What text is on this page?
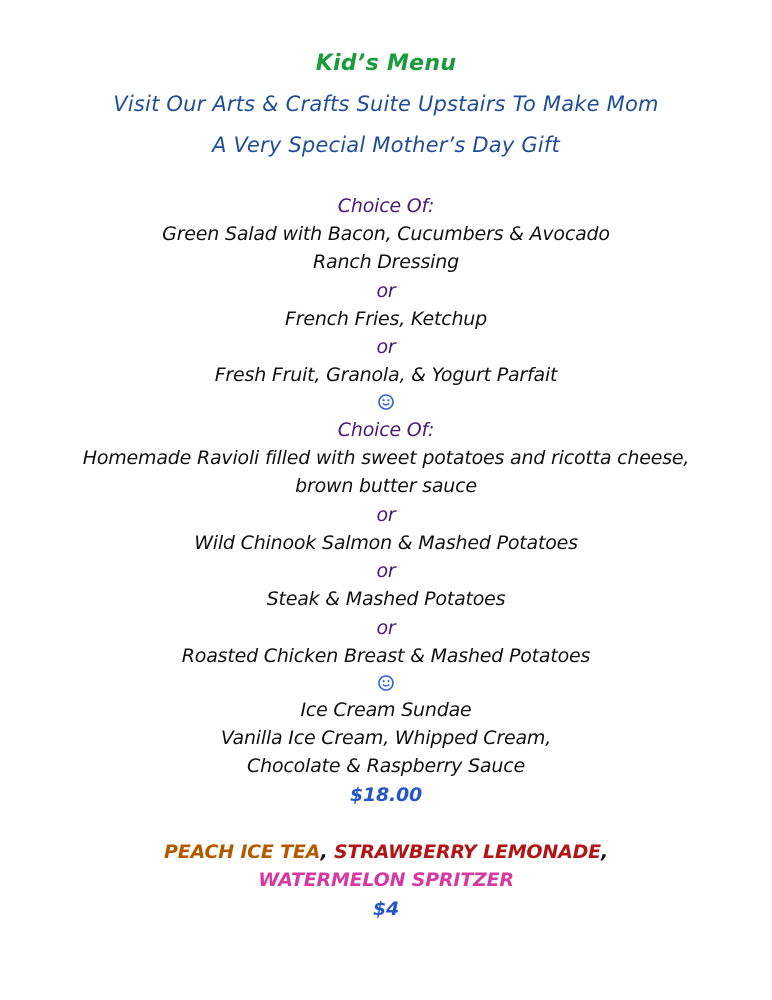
Kid’s Menu
Visit Our Arts & Crafts Suite Upstairs To Make Mom
A Very Special Mother’s Day Gift
Choice Of:
Green Salad with Bacon, Cucumbers & Avocado
Ranch Dressing
or
French Fries, Ketchup
or
Fresh Fruit, Granola, & Yogurt Parfait
Choice Of:
Homemade Ravioli filled with sweet potatoes and ricotta cheese,
brown butter sauce
or
Wild Chinook Salmon & Mashed Potatoes
or
Steak & Mashed Potatoes
or
Roasted Chicken Breast & Mashed Potatoes
Ice Cream Sundae
Vanilla Ice Cream, Whipped Cream,
Chocolate & Raspberry Sauce
$18.00
PEACH ICE TEA, STRAWBERRY LEMONADE,
WATERMELON SPRITZER
$4
